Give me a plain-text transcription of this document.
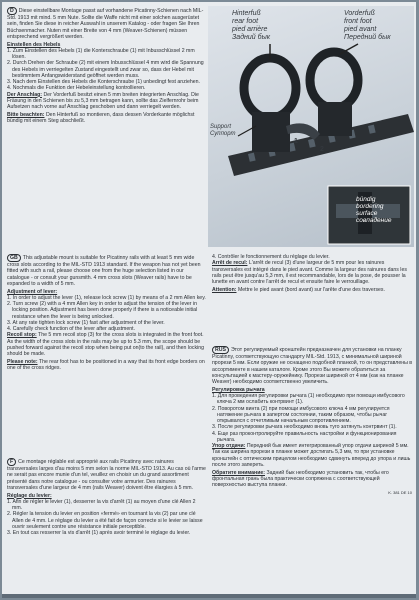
D Diese einstellbare Montage passt auf vorhandene Picatinny-Schienen nach MIL-Std. 1913 mit mind. 5 mm Nute. Sollte die Waffe nicht mit einer solchen ausgerüstet sein, finden Sie diese in reicher Auswahl in unserem Katalog - oder fragen Sie Ihren Büchsenmacher. Nuten mit einer Breite von 4 mm (Weaver-Schienen) müssen entsprechend vergrößert werden.
Einstellen des Hebels
1. Zum Einstellen des Hebels (1) die Konterschraube (1) mit Inbusschlüssel 2 mm lösen.
2. Durch Drehen der Schraube (2) mit einem Inbusschlüssel 4 mm wird die Spannung des Hebels im verriegelten Zustand eingestellt und zwar so, dass der Hebel mit bestimmtem Anfangswiderstand geöffnet werden muss.
3. Nach dem Einstellen des Hebels die Konterschraube (1) unbedingt fest anziehen.
4. Nochmals die Funktion der Hebeleinstellung kontrollieren.
Der Anschlag: Der Vorderfuß besitzt einen 5 mm breiten integrierten Anschlag. Die Fräsung in den Schienen bis zu 5,3 mm betragen kann, sollte das Zielfernrohr beim Aufsetzen nach vorne auf Anschlag geschoben und dann verriegelt werden.
Bitte beachten: Den Hinterfuß so montieren, dass dessen Vorderkante möglichst bündig mit einem Steg abschließt.
Hinterfuß
rear foot
pied arrière
Задний бык
Vorderfuß
front foot
pied avant
Передний бык
Support
Суппорт
1
2
bündig
bordering
surface
совпадение
GB This adjustable mount is suitable for Picatinny rails with at least 5 mm wide cross slots according to the MIL-STD 1913 standard. If the weapon has not yet been fitted with such a rail, please choose one from the huge selection listed in our catalogue - or consult your gunsmith. 4 mm cross slots (Weaver rails) have to be expanded to a width of 5 mm.
Adjustment of lever:
1. In order to adjust the lever (1), release lock screw (1) by means of a 2 mm Allen key.
2. Turn screw (2) with a 4 mm Allen key in order to adjust the tension of the lever in locking position. Adjustment has been done properly if there is a noticeable initial resistance when the lever is being unlocked.
3. At any rate tighten lock screw (1) fast after adjustment of the lever.
4. Carefully check function of the lever after adjustment.
Recoil stop: The 5 mm recoil stop (3) for the cross slots is integrated in the front foot. As the width of the cross slots in the rails may be up to 5.3 mm, the scope should be pushed forward against the recoil stop when being put on(to the rail), and then locking should be made.
Please note: The rear foot has to be positioned in a way that its front edge borders on one of the cross ridges.
F Ce montage réglable est approprié aux rails Picatinny avec rainures transversales larges d'au moins 5 mm selon la norme MIL-STD 1913. Au cas où l'arme ne serait pas encore munie d'un tel, veuillez en choisir un du grand assortiment présenté dans notre catalogue - ou consulter votre armurier. Des rainures transversales d'une largeur de 4 mm (rails Weaver) doivent être élargies à 5 mm.
Réglage du levier:
1. Afin de régler le levier (1), desserrer la vis d'arrêt (1) au moyen d'une clé Allen 2 mm.
2. Régler la tension du levier en position «fermé» en tournant la vis (2) par une clé Allen de 4 mm. Le réglage du levier a été fait de façon correcte si le levier se laisse ouvrir seulement contre une résistance initiale perceptible.
3. En tout cas resserrer la vis d'arrêt (1) après avoir terminé le réglage du levier.
4. Contrôler le fonctionnement du réglage du levier.
Arrêt de recul: L'arrêt de recul (3) d'une largeur de 5 mm pour les rainures transversales est intégré dans le pied avant. Comme la largeur des rainures dans les rails peut être jusqu'au 5,3 mm, il est recommandable, lors de la pose, de pousser la lunette en avant contre l'arrêt de recul et ensuite faire le verrouillage.
Attention: Mettre le pied avant (bord avant) sur l'arête d'une des traverses.
RUS Этот регулируемый кронштейн предназначен для установки на планку Picatinny, соответствующую стандарту MIL-Std. 1913, с минимальной шириной прорези 5 мм. Если оружие не оснащено подобной планкой, то он представлены в ассортименте в нашем каталоге. Кроме этого Вы можете обратиться за консультацией к мастеру-оружейнику. Прорези шириной от 4 мм (как на планке Weaver) необходимо соответственно увеличить.
Регулировка рычага
1. Для проведения регулировки рычага (1) необходимо при помощи имбусового ключа 2 мм ослабить контрвинт (1).
2. Поворотом винта (2) при помощи имбусового ключа 4 мм регулируется натяжение рычага в запертом состоянии, таким образом, чтобы рычаг открывался с отчетливым начальным сопротивлением.
3. После регулировки рычага необходимо вновь туго затянуть контрвинт (1).
4. Еще раз проконтролируйте правильность настройки и функционирования рычага.
Упор отдачи: Передний бык имеет интегрированный упор отдачи шириной 5 мм. Так как ширина прорези в планке может достигать 5,3 мм, то при установке кронштейн с оптическим прицелом необходимо сдвинуть вперед до упора и лишь после этого запереть.
Обратите внимание: Задний бык необходимо установить так, чтобы его фронтальная грань была практически сопряжена с соответствующей поверхностью выступа планки.
K. 381 DE 10
